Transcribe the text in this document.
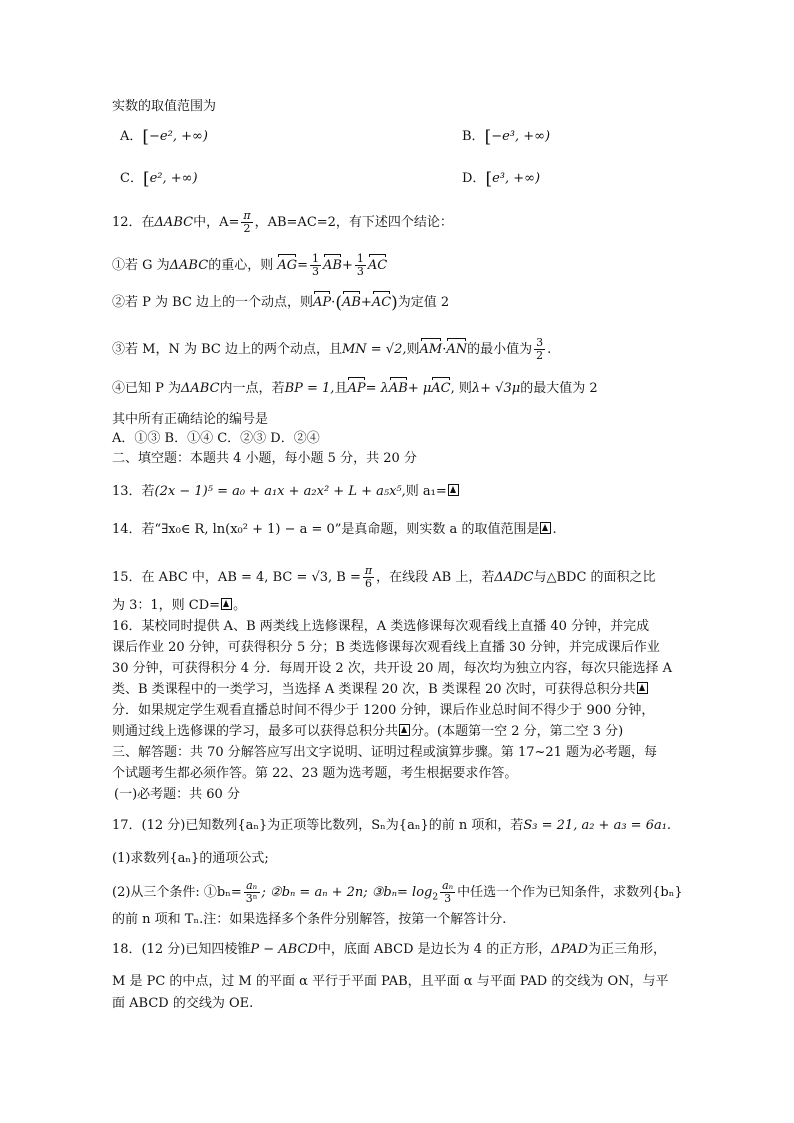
实数的取值范围为
A．[−e², +∞)	B．[−e³, +∞)
C．[e², +∞)	D．[e³, +∞)
12．在ΔABC中，$A= \frac{\pi}{2}$ ，AB=AC=2，有下述四个结论：
①若 G 为ΔABC的重心，则 $AG= \frac{1}{3} AB+ \frac{1}{3}$ AC
②若 P 为 BC 边上的一个动点，则AP·(AB+AC)为定值 2
③若 M，N 为 BC 边上的两个动点，且MN = √2,则AM·AN的最小值为 $\frac{3}{2}$ .
④已知 P 为ΔABC内一点，若BP = 1,且AP= λAB+ μAC, 则λ+ √3μ的最大值为 2
其中所有正确结论的编号是
A．①③ B．①④ C．②③ D．②④
二、填空题：本题共 4 小题，每小题 5 分，共 20 分
13．若(2x − 1)⁵ = a₀ + a₁x + a₂x² + L + a₅x⁵,则 a₁=
14．若“∃x₀∈ R, ln(x₀² + 1) − a = 0”是真命题，则实数 a 的取值范围是 .
15．在 ABC 中，AB = 4, BC = √3, $B = \frac{\pi}{6}$ ，在线段 AB 上，若ΔADC与△BDC 的面积之比
为 3：1，则 CD= 。
16．某校同时提供 A、B 两类线上选修课程，A 类选修课每次观看线上直播 40 分钟，并完成
课后作业 20 分钟，可获得积分 5 分；B 类选修课每次观看线上直播 30 分钟，并完成课后作业
30 分钟，可获得积分 4 分．每周开设 2 次，共开设 20 周，每次均为独立内容，每次只能选择 A
类、B 类课程中的一类学习，当选择 A 类课程 20 次，B 类课程 20 次时，可获得总积分共
分．如果规定学生观看直播总时间不得少于 1200 分钟，课后作业总时间不得少于 900 分钟，
则通过线上选修课的学习，最多可以获得总积分共 分。(本题第一空 2 分，第二空 3 分)
三、解答题：共 70 分解答应写出文字说明、证明过程或演算步骤。第 17~21 题为必考题，每
个试题考生都必须作答。第 22、23 题为选考题，考生根据要求作答。
(一)必考题：共 60 分
17．(12 分)已知数列{aₙ}为正项等比数列，Sₙ为{aₙ}的前 n 项和，若S₃ = 21, a₂ + a₃ = 6a₁.
(1)求数列{aₙ}的通项公式;
(2)从三个条件: ①bₙ= $\frac{\text{aₙ}}{\text{3ⁿ}}$ ; ②bₙ = aₙ + 2n; ③bₙ= $\log_2 \frac{\text{aₙ}}{3}$ 中任选一个作为已知条件，求数列{bₙ}
的前 n 项和 Tₙ.注：如果选择多个条件分别解答，按第一个解答计分.
18．(12 分)已知四棱锥P − ABCD中，底面 ABCD 是边长为 4 的正方形，ΔPAD为正三角形，
M 是 PC 的中点，过 M 的平面 α 平行于平面 PAB，且平面 α 与平面 PAD 的交线为 ON，与平
面 ABCD 的交线为 OE.
